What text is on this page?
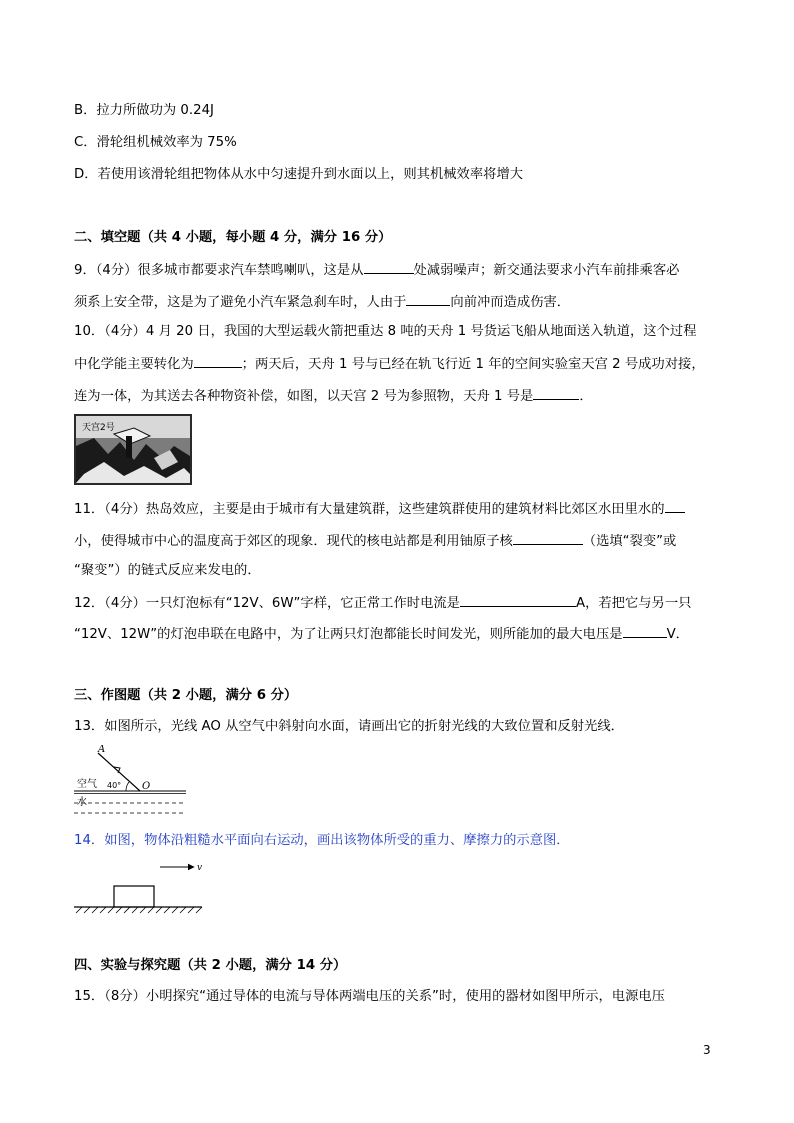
B．拉力所做功为 0.24J
C．滑轮组机械效率为 75%
D．若使用该滑轮组把物体从水中匀速提升到水面以上，则其机械效率将增大
二、填空题（共 4 小题，每小题 4 分，满分 16 分）
9．（4分）很多城市都要求汽车禁鸣喇叭，这是从	处减弱噪声；新交通法要求小汽车前排乘客必
须系上安全带，这是为了避免小汽车紧急刹车时，人由于	向前冲而造成伤害．
10．（4分）4 月 20 日，我国的大型运载火箭把重达 8 吨的天舟 1 号货运飞船从地面送入轨道，这个过程
中化学能主要转化为	；两天后，天舟 1 号与已经在轨飞行近 1 年的空间实验室天宫 2 号成功对接，
连为一体，为其送去各种物资补偿，如图，以天宫 2 号为参照物，天舟 1 号是	．
天宫2号
11．（4分）热岛效应，主要是由于城市有大量建筑群，这些建筑群使用的建筑材料比郊区水田里水的
小，使得城市中心的温度高于郊区的现象．现代的核电站都是利用铀原子核	（选填“裂变”或
“聚变”）的链式反应来发电的．
12．（4分）一只灯泡标有“12V、6W”字样，它正常工作时电流是	A，若把它与另一只
“12V、12W”的灯泡串联在电路中，为了让两只灯泡都能长时间发光，则所能加的最大电压是	V．
三、作图题（共 2 小题，满分 6 分）
13．如图所示，光线 AO 从空气中斜射向水面，请画出它的折射光线的大致位置和反射光线．
A
O
40°
空气
水
14．如图，物体沿粗糙水平面向右运动，画出该物体所受的重力、摩擦力的示意图．
v
四、实验与探究题（共 2 小题，满分 14 分）
15．（8分）小明探究“通过导体的电流与导体两端电压的关系”时，使用的器材如图甲所示，电源电压
3
